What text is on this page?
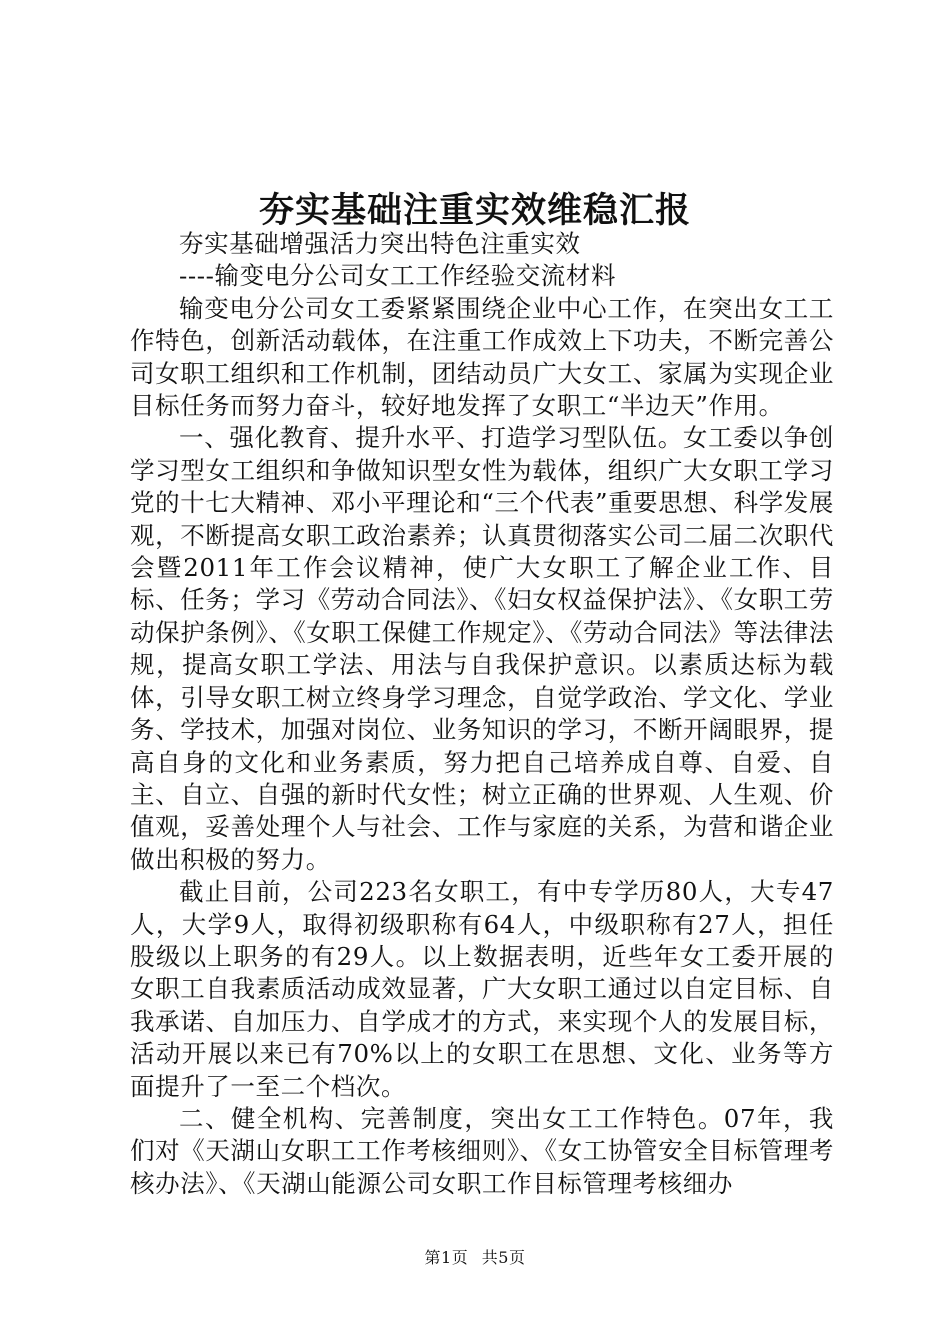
夯实基础注重实效维稳汇报

夯实基础增强活力突出特色注重实效

----输变电分公司女工工作经验交流材料

输变电分公司女工委紧紧围绕企业中心工作，在突出女工工作特色，创新活动载体，在注重工作成效上下功夫，不断完善公司女职工组织和工作机制，团结动员广大女工、家属为实现企业目标任务而努力奋斗，较好地发挥了女职工“半边天”作用。

一、强化教育、提升水平、打造学习型队伍。女工委以争创学习型女工组织和争做知识型女性为载体，组织广大女职工学习党的十七大精神、邓小平理论和“三个代表”重要思想、科学发展观，不断提高女职工政治素养；认真贯彻落实公司二届二次职代会暨2011年工作会议精神，使广大女职工了解企业工作、目标、任务；学习《劳动合同法》、《妇女权益保护法》、《女职工劳动保护条例》、《女职工保健工作规定》、《劳动合同法》等法律法规，提高女职工学法、用法与自我保护意识。以素质达标为载体，引导女职工树立终身学习理念，自觉学政治、学文化、学业务、学技术，加强对岗位、业务知识的学习，不断开阔眼界，提高自身的文化和业务素质，努力把自己培养成自尊、自爱、自主、自立、自强的新时代女性；树立正确的世界观、人生观、价值观，妥善处理个人与社会、工作与家庭的关系，为营和谐企业做出积极的努力。

截止目前，公司223名女职工，有中专学历80人，大专47人，大学9人，取得初级职称有64人，中级职称有27人，担任股级以上职务的有29人。以上数据表明，近些年女工委开展的女职工自我素质活动成效显著，广大女职工通过以自定目标、自我承诺、自加压力、自学成才的方式，来实现个人的发展目标，活动开展以来已有70%以上的女职工在思想、文化、业务等方面提升了一至二个档次。

二、健全机构、完善制度，突出女工工作特色。07年，我们对《天湖山女职工工作考核细则》、《女工协管安全目标管理考核办法》、《天湖山能源公司女职工作目标管理考核细办

第1页 共5页
